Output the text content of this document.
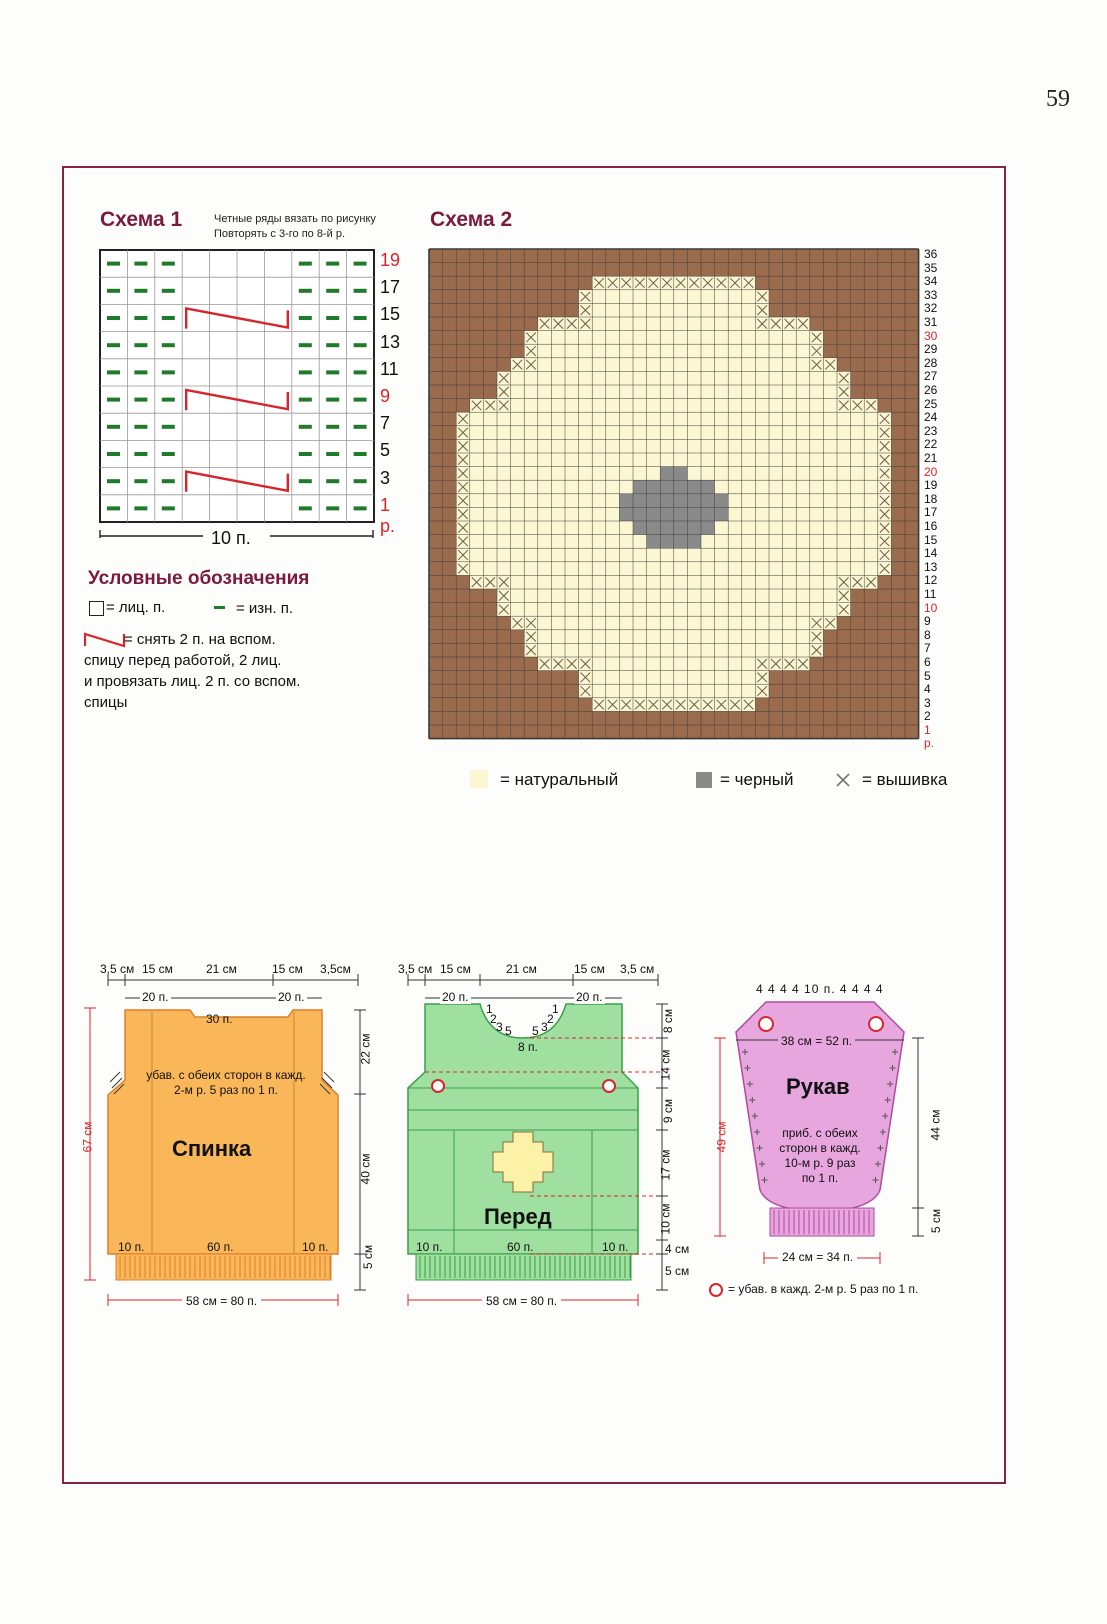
59
Схема 1	Четные ряды вязать по рисунку
Повторять с 3-го по 8-й р.
10 п.
19
17
15
13
11
9
7
5
3
1 р.
Условные обозначения
= лиц. п.	= изн. п.
= снять 2 п. на вспом.
спицу перед работой, 2 лиц.
и провязать лиц. 2 п. со вспом.
спицы
Схема 2
36
35
34
33
32
31
30
29
28
27
26
25
24
23
22
21
20
19
18
17
16
15
14
13
12
11
10
9
8
7
6
5
4
3
2
1 р.
= натуральный	= черный	= вышивка
3,5 см 15 см	21 см	15 см 3,5см
20 п.	20 п.
30 п.
убав. с обеих сторон в кажд. 2-м р. 5 раз по 1 п.
Спинка
10 п.	60 п.	10 п.
67 см
22 см
40 см
5 см
58 см = 80 п.
3,5 см 15 см	21 см	15 см 3,5 см
20 п.	20 п.
1
2
3 5 5 3
2
1
8 п.
Перед
10 п.	60 п.	10 п.
8 см
14 см
9 см
17 см
10 см
4 см
5 см
58 см = 80 п.
4 4 4 4 10 п. 4 4 4 4
38 см = 52 п.
Рукав
приб. с обеих
сторон в кажд.
10-м р. 9 раз
по 1 п.
49 см	44 см
5 см
24 см = 34 п.
= убав. в кажд. 2-м р. 5 раз по 1 п.
